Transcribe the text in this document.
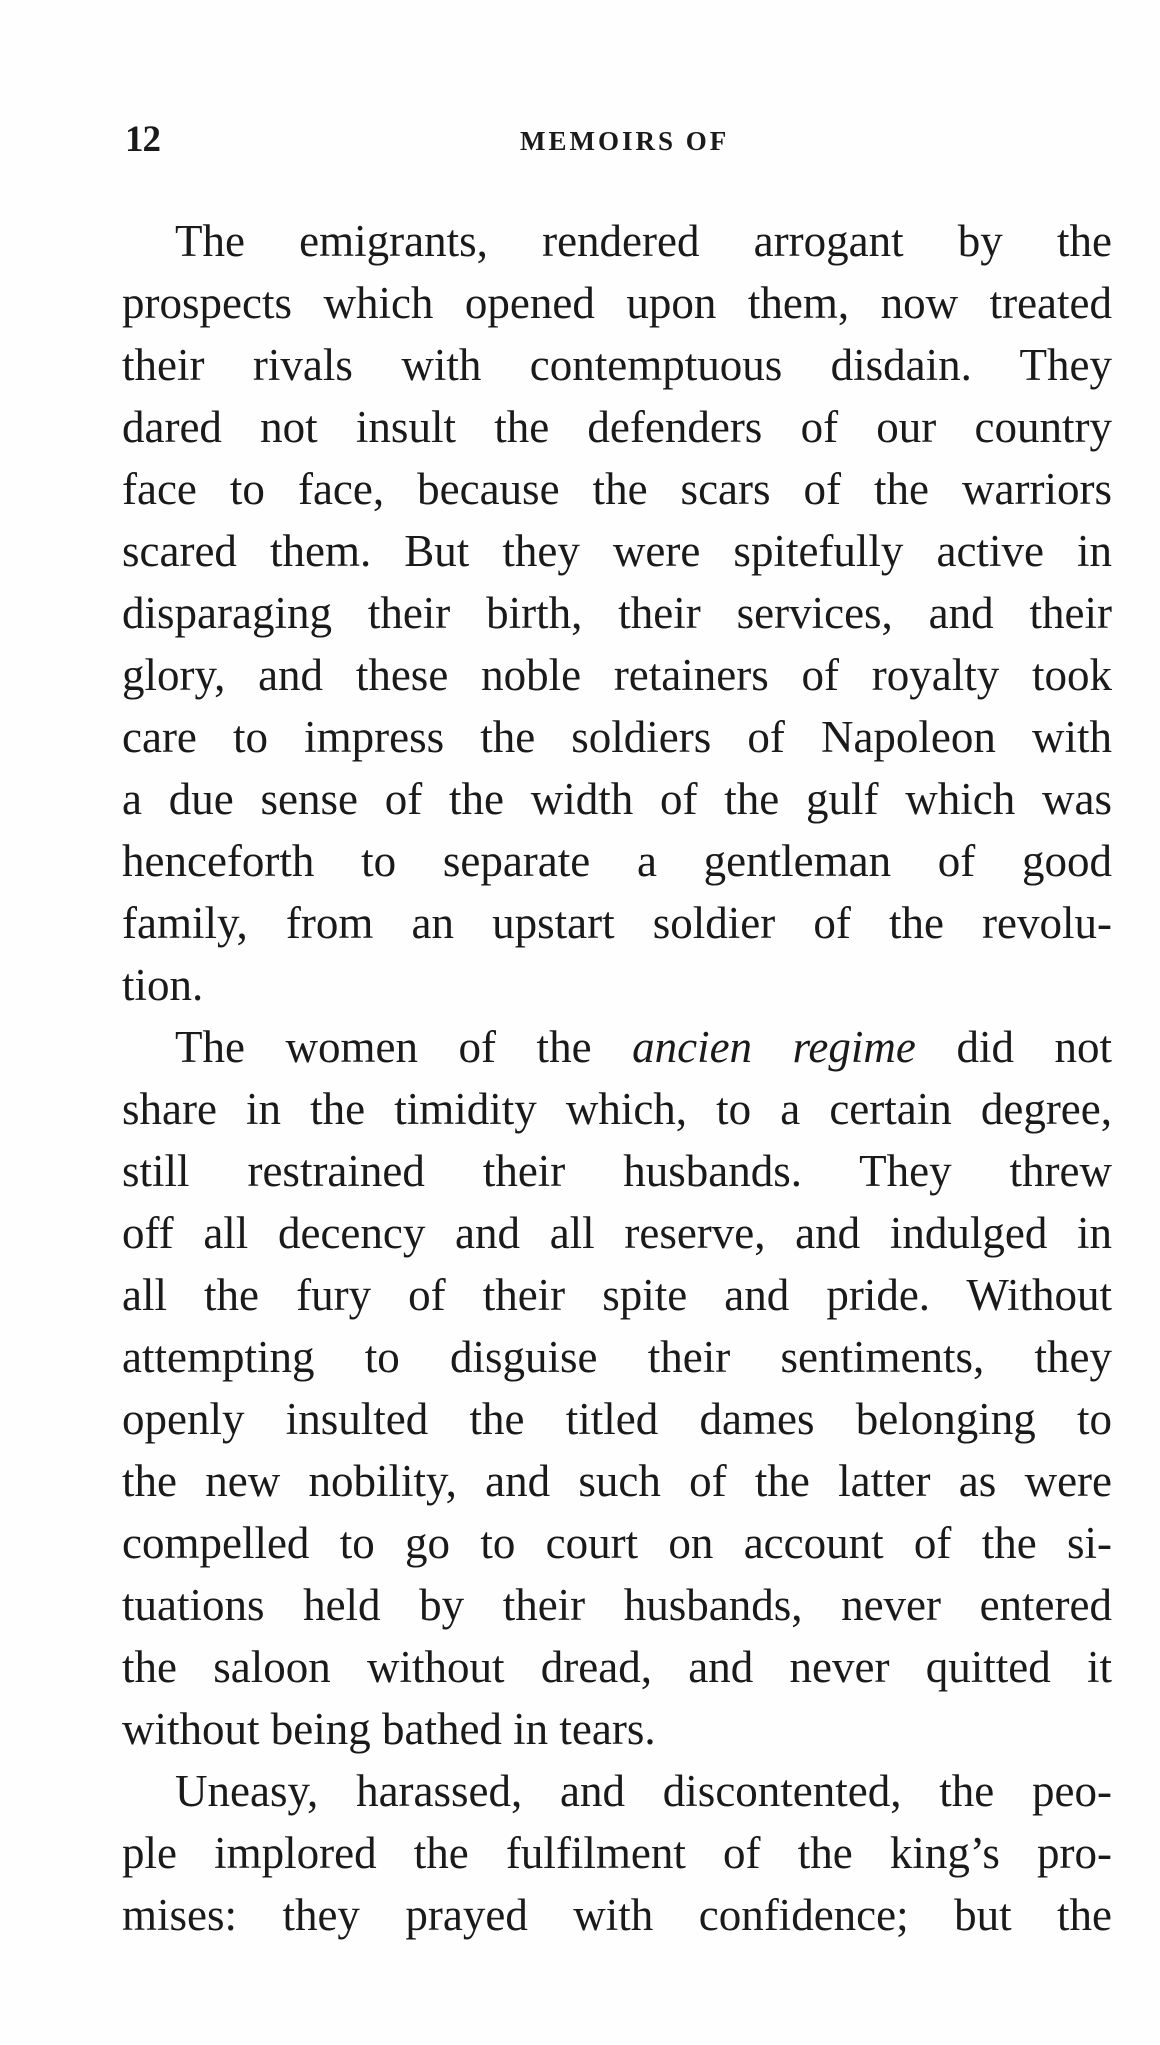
12	MEMOIRS OF
The emigrants, rendered arrogant by the
prospects which opened upon them, now treated
their rivals with contemptuous disdain. They
dared not insult the defenders of our country
face to face, because the scars of the warriors
scared them. But they were spitefully active in
disparaging their birth, their services, and their
glory, and these noble retainers of royalty took
care to impress the soldiers of Napoleon with
a due sense of the width of the gulf which was
henceforth to separate a gentleman of good
family, from an upstart soldier of the revolu-
tion.
The women of the ancien regime did not
share in the timidity which, to a certain degree,
still restrained their husbands. They threw
off all decency and all reserve, and indulged in
all the fury of their spite and pride. Without
attempting to disguise their sentiments, they
openly insulted the titled dames belonging to
the new nobility, and such of the latter as were
compelled to go to court on account of the si-
tuations held by their husbands, never entered
the saloon without dread, and never quitted it
without being bathed in tears.
Uneasy, harassed, and discontented, the peo-
ple implored the fulfilment of the king’s pro-
mises: they prayed with confidence; but the
